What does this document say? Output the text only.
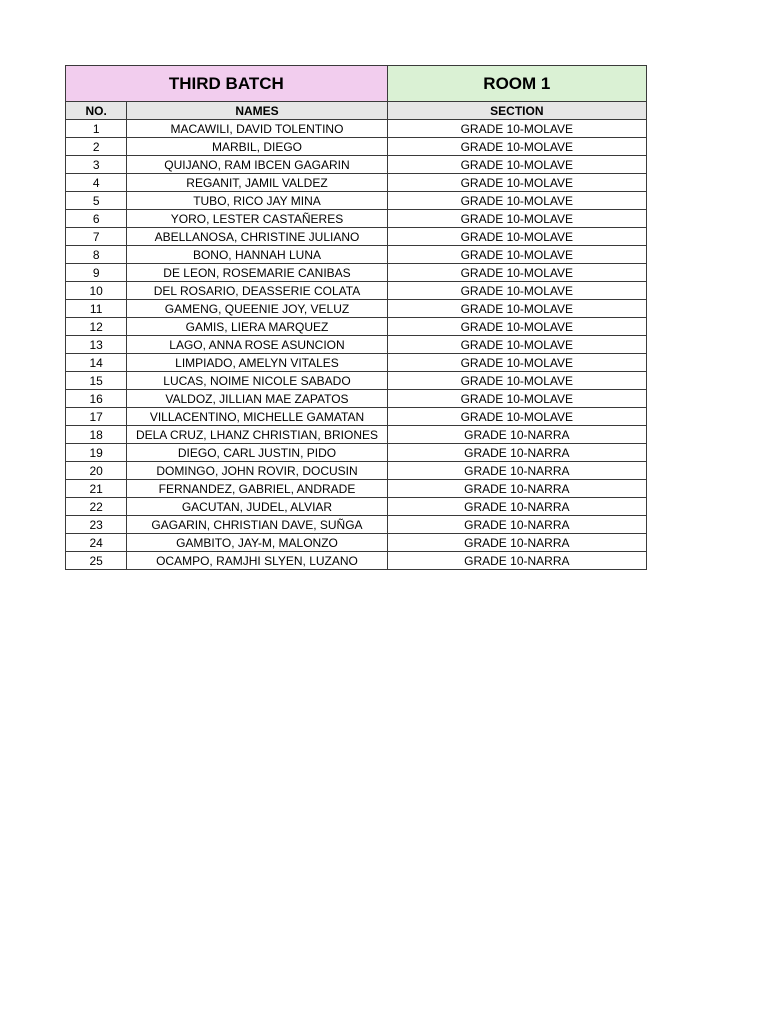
THIRD BATCH		ROOM 1
NO.	NAMES	SECTION
1	MACAWILI, DAVID TOLENTINO	GRADE 10-MOLAVE
2	MARBIL, DIEGO	GRADE 10-MOLAVE
3	QUIJANO, RAM IBCEN GAGARIN	GRADE 10-MOLAVE
4	REGANIT, JAMIL VALDEZ	GRADE 10-MOLAVE
5	TUBO, RICO JAY MINA	GRADE 10-MOLAVE
6	YORO, LESTER CASTAÑERES	GRADE 10-MOLAVE
7	ABELLANOSA, CHRISTINE JULIANO	GRADE 10-MOLAVE
8	BONO, HANNAH LUNA	GRADE 10-MOLAVE
9	DE LEON, ROSEMARIE CANIBAS	GRADE 10-MOLAVE
10	DEL ROSARIO, DEASSERIE COLATA	GRADE 10-MOLAVE
11	GAMENG, QUEENIE JOY, VELUZ	GRADE 10-MOLAVE
12	GAMIS, LIERA MARQUEZ	GRADE 10-MOLAVE
13	LAGO, ANNA ROSE ASUNCION	GRADE 10-MOLAVE
14	LIMPIADO, AMELYN VITALES	GRADE 10-MOLAVE
15	LUCAS, NOIME NICOLE SABADO	GRADE 10-MOLAVE
16	VALDOZ, JILLIAN MAE ZAPATOS	GRADE 10-MOLAVE
17	VILLACENTINO, MICHELLE GAMATAN	GRADE 10-MOLAVE
18	DELA CRUZ, LHANZ CHRISTIAN, BRIONES	GRADE 10-NARRA
19	DIEGO, CARL JUSTIN, PIDO	GRADE 10-NARRA
20	DOMINGO, JOHN ROVIR, DOCUSIN	GRADE 10-NARRA
21	FERNANDEZ, GABRIEL, ANDRADE	GRADE 10-NARRA
22	GACUTAN, JUDEL, ALVIAR	GRADE 10-NARRA
23	GAGARIN, CHRISTIAN DAVE, SUÑGA	GRADE 10-NARRA
24	GAMBITO, JAY-M, MALONZO	GRADE 10-NARRA
25	OCAMPO, RAMJHI SLYEN, LUZANO	GRADE 10-NARRA
